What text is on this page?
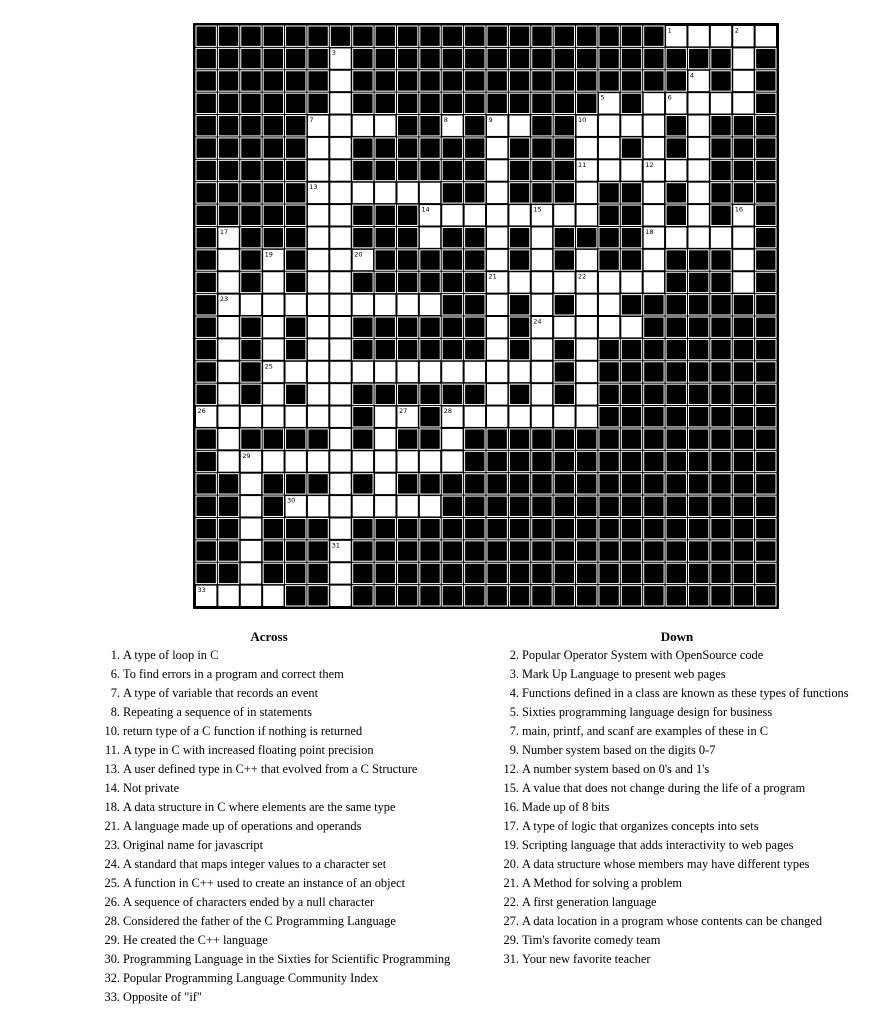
1	2
3
4
5	6
7	8	9	10
11	12
13
14	15	16
17	18
19	20
21	22
23
24
25
26	27	28
29
30
31
32
33
Across
1. A type of loop in C
6. To find errors in a program and correct them
7. A type of variable that records an event
8. Repeating a sequence of in statements
10. return type of a C function if nothing is returned
11. A type in C with increased floating point precision
13. A user defined type in C++ that evolved from a C Structure
14. Not private
18. A data structure in C where elements are the same type
21. A language made up of operations and operands
23. Original name for javascript
24. A standard that maps integer values to a character set
25. A function in C++ used to create an instance of an object
26. A sequence of characters ended by a null character
28. Considered the father of the C Programming Language
29. He created the C++ language
30. Programming Language in the Sixties for Scientific Programming
32. Popular Programming Language Community Index
33. Opposite of "if"
Down
2. Popular Operator System with OpenSource code
3. Mark Up Language to present web pages
4. Functions defined in a class are known as these types of functions
5. Sixties programming language design for business
7. main, printf, and scanf are examples of these in C
9. Number system based on the digits 0-7
12. A number system based on 0's and 1's
15. A value that does not change during the life of a program
16. Made up of 8 bits
17. A type of logic that organizes concepts into sets
19. Scripting language that adds interactivity to web pages
20. A data structure whose members may have different types
21. A Method for solving a problem
22. A first generation language
27. A data location in a program whose contents can be changed
29. Tim's favorite comedy team
31. Your new favorite teacher
